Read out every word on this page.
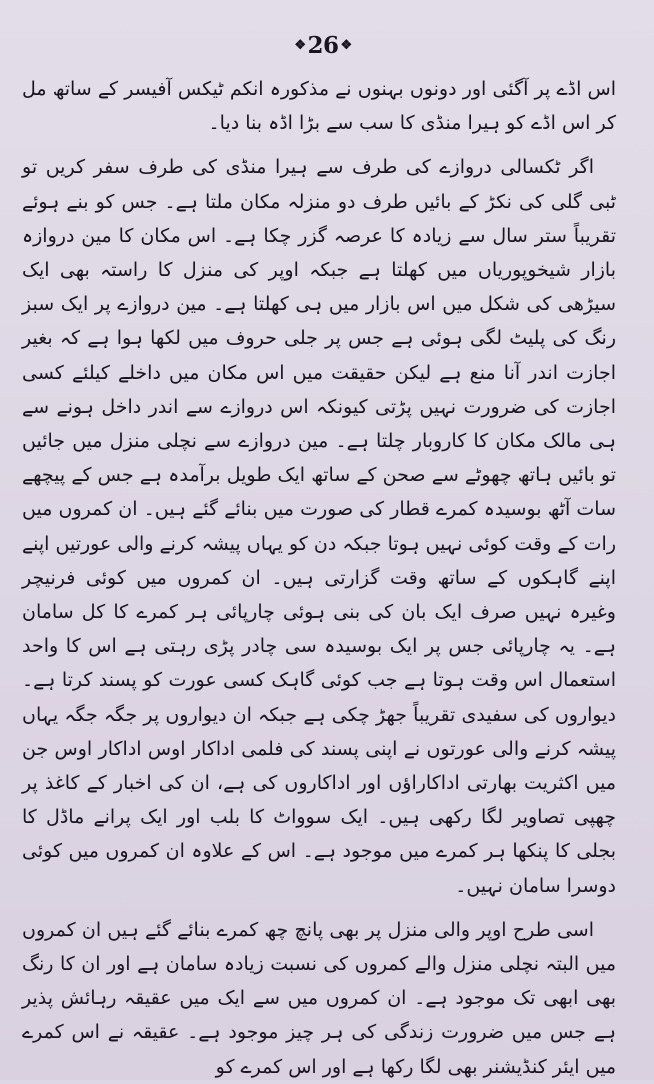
❖ 26 ❖

اس اڈے پر آگئی اور دونوں بہنوں نے مذکورہ انکم ٹیکس آفیسر کے ساتھ مل کر اس اڈے کو ہیرا منڈی کا سب سے بڑا اڈہ بنا دیا۔

اگر ٹکسالی دروازے کی طرف سے ہیرا منڈی کی طرف سفر کریں تو ٹبی گلی کی نکڑ کے بائیں طرف دو منزلہ مکان ملتا ہے۔ جس کو بنے ہوئے تقریباً ستر سال سے زیادہ کا عرصہ گزر چکا ہے۔ اس مکان کا مین دروازہ بازار شیخوپوریاں میں کھلتا ہے جبکہ اوپر کی منزل کا راستہ بھی ایک سیڑھی کی شکل میں اس بازار میں ہی کھلتا ہے۔ مین دروازے پر ایک سبز رنگ کی پلیٹ لگی ہوئی ہے جس پر جلی حروف میں لکھا ہوا ہے کہ بغیر اجازت اندر آنا منع ہے لیکن حقیقت میں اس مکان میں داخلے کیلئے کسی اجازت کی ضرورت نہیں پڑتی کیونکہ اس دروازے سے اندر داخل ہونے سے ہی مالک مکان کا کاروبار چلتا ہے۔ مین دروازے سے نچلی منزل میں جائیں تو بائیں ہاتھ چھوٹے سے صحن کے ساتھ ایک طویل برآمدہ ہے جس کے پیچھے سات آٹھ بوسیدہ کمرے قطار کی صورت میں بنائے گئے ہیں۔ ان کمروں میں رات کے وقت کوئی نہیں ہوتا جبکہ دن کو یہاں پیشہ کرنے والی عورتیں اپنے اپنے گاہکوں کے ساتھ وقت گزارتی ہیں۔ ان کمروں میں کوئی فرنیچر وغیرہ نہیں صرف ایک بان کی بنی ہوئی چارپائی ہر کمرے کا کل سامان ہے۔ یہ چارپائی جس پر ایک بوسیدہ سی چادر پڑی رہتی ہے اس کا واحد استعمال اس وقت ہوتا ہے جب کوئی گاہک کسی عورت کو پسند کرتا ہے۔ دیواروں کی سفیدی تقریباً جھڑ چکی ہے جبکہ ان دیواروں پر جگہ جگہ یہاں پیشہ کرنے والی عورتوں نے اپنی پسند کی فلمی اداکار اوس اداکار اوس جن میں اکثریت بھارتی اداکاراؤں اور اداکاروں کی ہے، ان کی اخبار کے کاغذ پر چھپی تصاویر لگا رکھی ہیں۔ ایک سوواٹ کا بلب اور ایک پرانے ماڈل کا بجلی کا پنکھا ہر کمرے میں موجود ہے۔ اس کے علاوہ ان کمروں میں کوئی دوسرا سامان نہیں۔

اسی طرح اوپر والی منزل پر بھی پانچ چھ کمرے بنائے گئے ہیں ان کمروں میں البتہ نچلی منزل والے کمروں کی نسبت زیادہ سامان ہے اور ان کا رنگ بھی ابھی تک موجود ہے۔ ان کمروں میں سے ایک میں عقیقہ رہائش پذیر ہے جس میں ضرورت زندگی کی ہر چیز موجود ہے۔ عقیقہ نے اس کمرے میں ایئر کنڈیشنر بھی لگا رکھا ہے اور اس کمرے کو
